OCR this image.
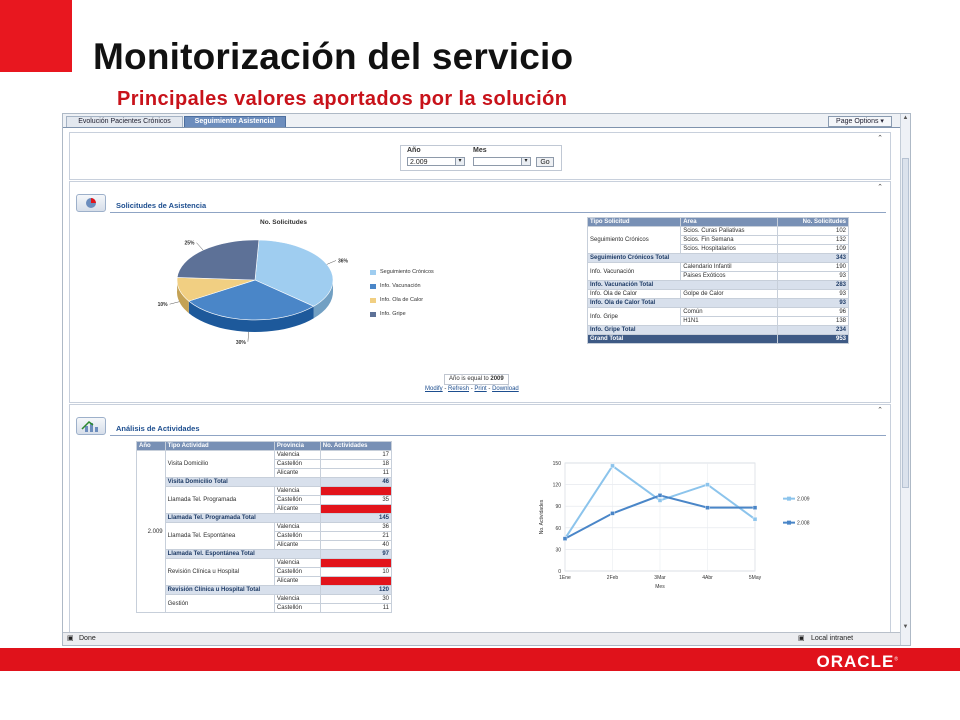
Monitorización del servicio
Principales valores aportados por la solución
Evolución Pacientes Crónicos	Seguimiento Asistencial	Page Options ▾
⌃
Año
2.009	▾
Mes
▾	Go
⌃
Solicitudes de Asistencia
No. Solicitudes
36%
30%
10%
25%
Seguimiento Crónicos
Info. Vacunación
Info. Ola de Calor
Info. Gripe
Tipo Solicitud	Area	No. Solicitudes
Seguimiento Crónicos	Scios. Curas Paliativas	102
	Scios. Fin Semana	132
	Scios. Hospitalarios	109
Seguimiento Crónicos Total		343
Info. Vacunación	Calendario Infantil	190
	Paises Exóticos	93
Info. Vacunación Total		283
Info. Ola de Calor	Golpe de Calor	93
Info. Ola de Calor Total		93
Info. Gripe	Común	96
	H1N1	138
Info. Gripe Total		234
Grand Total		953
Año is equal to 2009
Modify - Refresh - Print - Download
⌃
Análisis de Actividades
Año	Tipo Actividad	Provincia	No. Actividades
2.009	Visita Domicilio	Valencia	17
		Castellón	18
		Alicante	11
	Visita Domicilio Total		46
	Llamada Tel. Programada	Valencia	
		Castellón	35
		Alicante	
	Llamada Tel. Programada Total		145
	Llamada Tel. Espontánea	Valencia	36
		Castellón	21
		Alicante	40
	Llamada Tel. Espontánea Total		97
	Revisión Clínica u Hospital	Valencia	
		Castellón	10
		Alicante	
	Revisión Clínica u Hospital Total		120
	Gestión	Valencia	30
		Castellón	11
0
30
60
90
120
150
1Ene	2Feb	3Mar	4Abr	5May
Mes
No. Actividades
2.009
2.008
▣ Done	▣ Local intranet
▲
▼
ORACLE®
